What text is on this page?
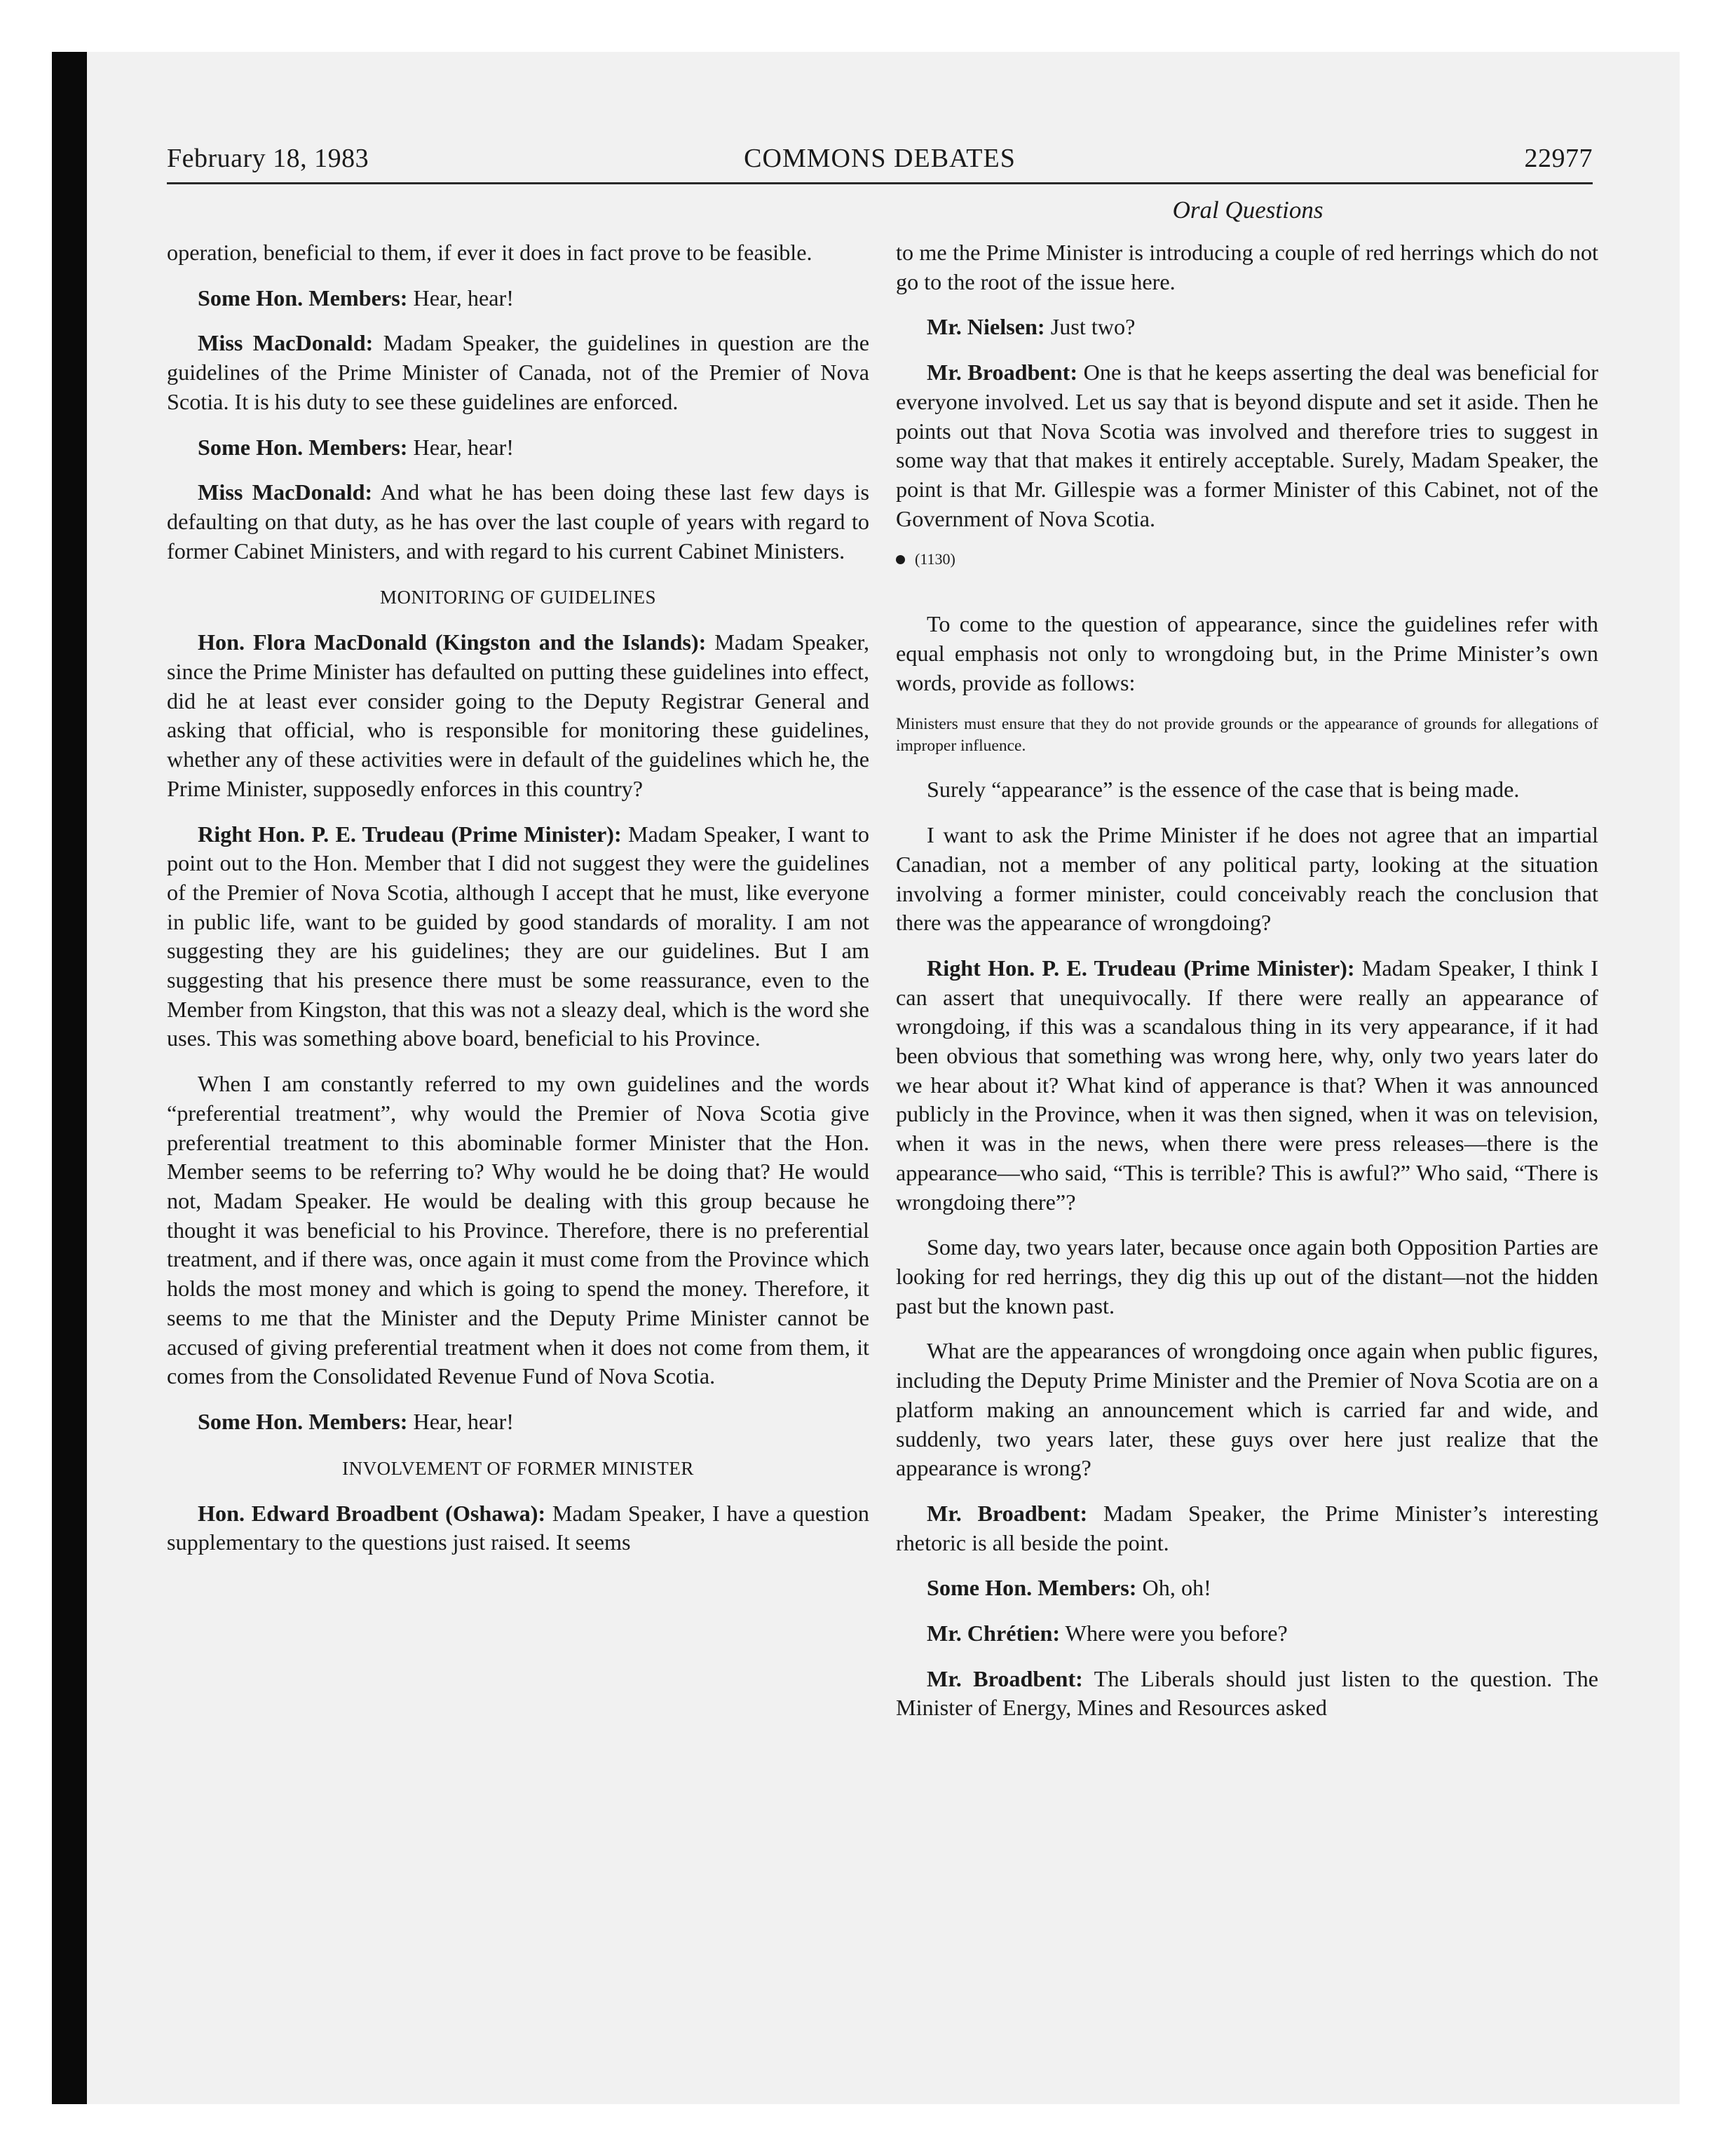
February 18, 1983	COMMONS DEBATES	22977
Oral Questions

operation, beneficial to them, if ever it does in fact prove to be feasible.

Some Hon. Members: Hear, hear!

Miss MacDonald: Madam Speaker, the guidelines in question are the guidelines of the Prime Minister of Canada, not of the Premier of Nova Scotia. It is his duty to see these guidelines are enforced.

Some Hon. Members: Hear, hear!

Miss MacDonald: And what he has been doing these last few days is defaulting on that duty, as he has over the last couple of years with regard to former Cabinet Ministers, and with regard to his current Cabinet Ministers.

MONITORING OF GUIDELINES

Hon. Flora MacDonald (Kingston and the Islands): Madam Speaker, since the Prime Minister has defaulted on putting these guidelines into effect, did he at least ever consider going to the Deputy Registrar General and asking that official, who is responsible for monitoring these guidelines, whether any of these activities were in default of the guidelines which he, the Prime Minister, supposedly enforces in this country?

Right Hon. P. E. Trudeau (Prime Minister): Madam Speaker, I want to point out to the Hon. Member that I did not suggest they were the guidelines of the Premier of Nova Scotia, although I accept that he must, like everyone in public life, want to be guided by good standards of morality. I am not suggesting they are his guidelines; they are our guidelines. But I am suggesting that his presence there must be some reassurance, even to the Member from Kingston, that this was not a sleazy deal, which is the word she uses. This was something above board, beneficial to his Province.

When I am constantly referred to my own guidelines and the words “preferential treatment”, why would the Premier of Nova Scotia give preferential treatment to this abominable former Minister that the Hon. Member seems to be referring to? Why would he be doing that? He would not, Madam Speaker. He would be dealing with this group because he thought it was beneficial to his Province. Therefore, there is no preferential treatment, and if there was, once again it must come from the Province which holds the most money and which is going to spend the money. Therefore, it seems to me that the Minister and the Deputy Prime Minister cannot be accused of giving preferential treatment when it does not come from them, it comes from the Consolidated Revenue Fund of Nova Scotia.

Some Hon. Members: Hear, hear!

INVOLVEMENT OF FORMER MINISTER

Hon. Edward Broadbent (Oshawa): Madam Speaker, I have a question supplementary to the questions just raised. It seems

to me the Prime Minister is introducing a couple of red herrings which do not go to the root of the issue here.

Mr. Nielsen: Just two?

Mr. Broadbent: One is that he keeps asserting the deal was beneficial for everyone involved. Let us say that is beyond dispute and set it aside. Then he points out that Nova Scotia was involved and therefore tries to suggest in some way that that makes it entirely acceptable. Surely, Madam Speaker, the point is that Mr. Gillespie was a former Minister of this Cabinet, not of the Government of Nova Scotia.

(1130)

To come to the question of appearance, since the guidelines refer with equal emphasis not only to wrongdoing but, in the Prime Minister’s own words, provide as follows:

Ministers must ensure that they do not provide grounds or the appearance of grounds for allegations of improper influence.

Surely “appearance” is the essence of the case that is being made.

I want to ask the Prime Minister if he does not agree that an impartial Canadian, not a member of any political party, looking at the situation involving a former minister, could conceivably reach the conclusion that there was the appearance of wrongdoing?

Right Hon. P. E. Trudeau (Prime Minister): Madam Speaker, I think I can assert that unequivocally. If there were really an appearance of wrongdoing, if this was a scandalous thing in its very appearance, if it had been obvious that something was wrong here, why, only two years later do we hear about it? What kind of apperance is that? When it was announced publicly in the Province, when it was then signed, when it was on television, when it was in the news, when there were press releases—there is the appearance—who said, “This is terrible? This is awful?” Who said, “There is wrongdoing there”?

Some day, two years later, because once again both Opposition Parties are looking for red herrings, they dig this up out of the distant—not the hidden past but the known past.

What are the appearances of wrongdoing once again when public figures, including the Deputy Prime Minister and the Premier of Nova Scotia are on a platform making an announcement which is carried far and wide, and suddenly, two years later, these guys over here just realize that the appearance is wrong?

Mr. Broadbent: Madam Speaker, the Prime Minister’s interesting rhetoric is all beside the point.

Some Hon. Members: Oh, oh!

Mr. Chrétien: Where were you before?

Mr. Broadbent: The Liberals should just listen to the question. The Minister of Energy, Mines and Resources asked
